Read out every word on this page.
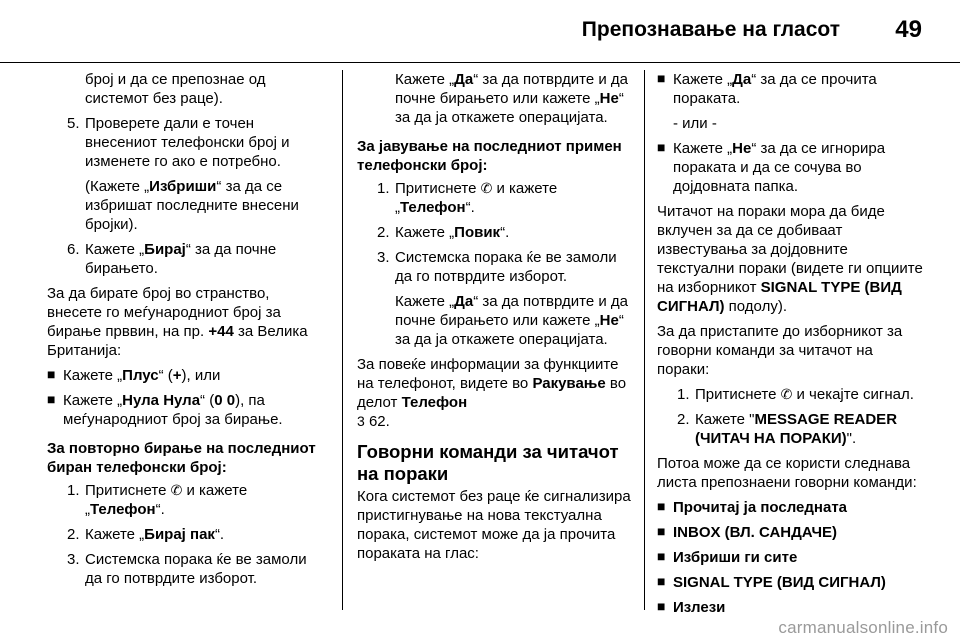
Препознавање на гласот 49

број и да се препознае од системот без раце).

5. Проверете дали е точен внесениот телефонски број и изменете го ако е потребно.

(Кажете „Избриши“ за да се избришат последните внесени бројки).

6. Кажете „Бирај“ за да почне бирањето.

За да бирате број во странство, внесете го меѓународниот број за бирање прввин, на пр. +44 за Велика Британија:

■ Кажете „Плус“ (+), или
■ Кажете „Нула Нула“ (0 0), па меѓународниот број за бирање.
За повторно бирање на последниот биран телефонски број:
1. Притиснете ✆ и кажете „Телефон“.
2. Кажете „Бирај пак“.
3. Системска порака ќе ве замоли да го потврдите изборот.

Кажете „Да“ за да потврдите и да почне бирањето или кажете „Не“ за да ја откажете операцијата.

За јавување на последниот примен телефонски број:
1. Притиснете ✆ и кажете „Телефон“.
2. Кажете „Повик“.
3. Системска порака ќе ве замоли да го потврдите изборот.

Кажете „Да“ за да потврдите и да почне бирањето или кажете „Не“ за да ја откажете операцијата.

За повеќе информации за функциите на телефонот, видете во Ракување во делот Телефон
3 62.

Говорни команди за читачот на пораки

Кога системот без раце ќе сигнализира пристигнување на нова текстуална порака, системот може да ја прочита пораката на глас:

■ Кажете „Да“ за да се прочита пораката.

- или -

■ Кажете „Не“ за да се игнорира пораката и да се сочува во дојдовната папка.

Читачот на пораки мора да биде вклучен за да се добиваат известувања за дојдовните текстуални пораки (видете ги опциите на изборникот SIGNAL TYPE (ВИД СИГНАЛ) подолу).

За да пристапите до изборникот за говорни команди за читачот на пораки:

1. Притиснете ✆ и чекајте сигнал.
2. Кажете "MESSAGE READER (ЧИТАЧ НА ПОРАКИ)".

Потоа може да се користи следнава листа препознаени говорни команди:

■ Прочитај ја последната
■ INBOX (ВЛ. САНДАЧЕ)
■ Избриши ги сите
■ SIGNAL TYPE (ВИД СИГНАЛ)
■ Излези
carmanualsonline.info
